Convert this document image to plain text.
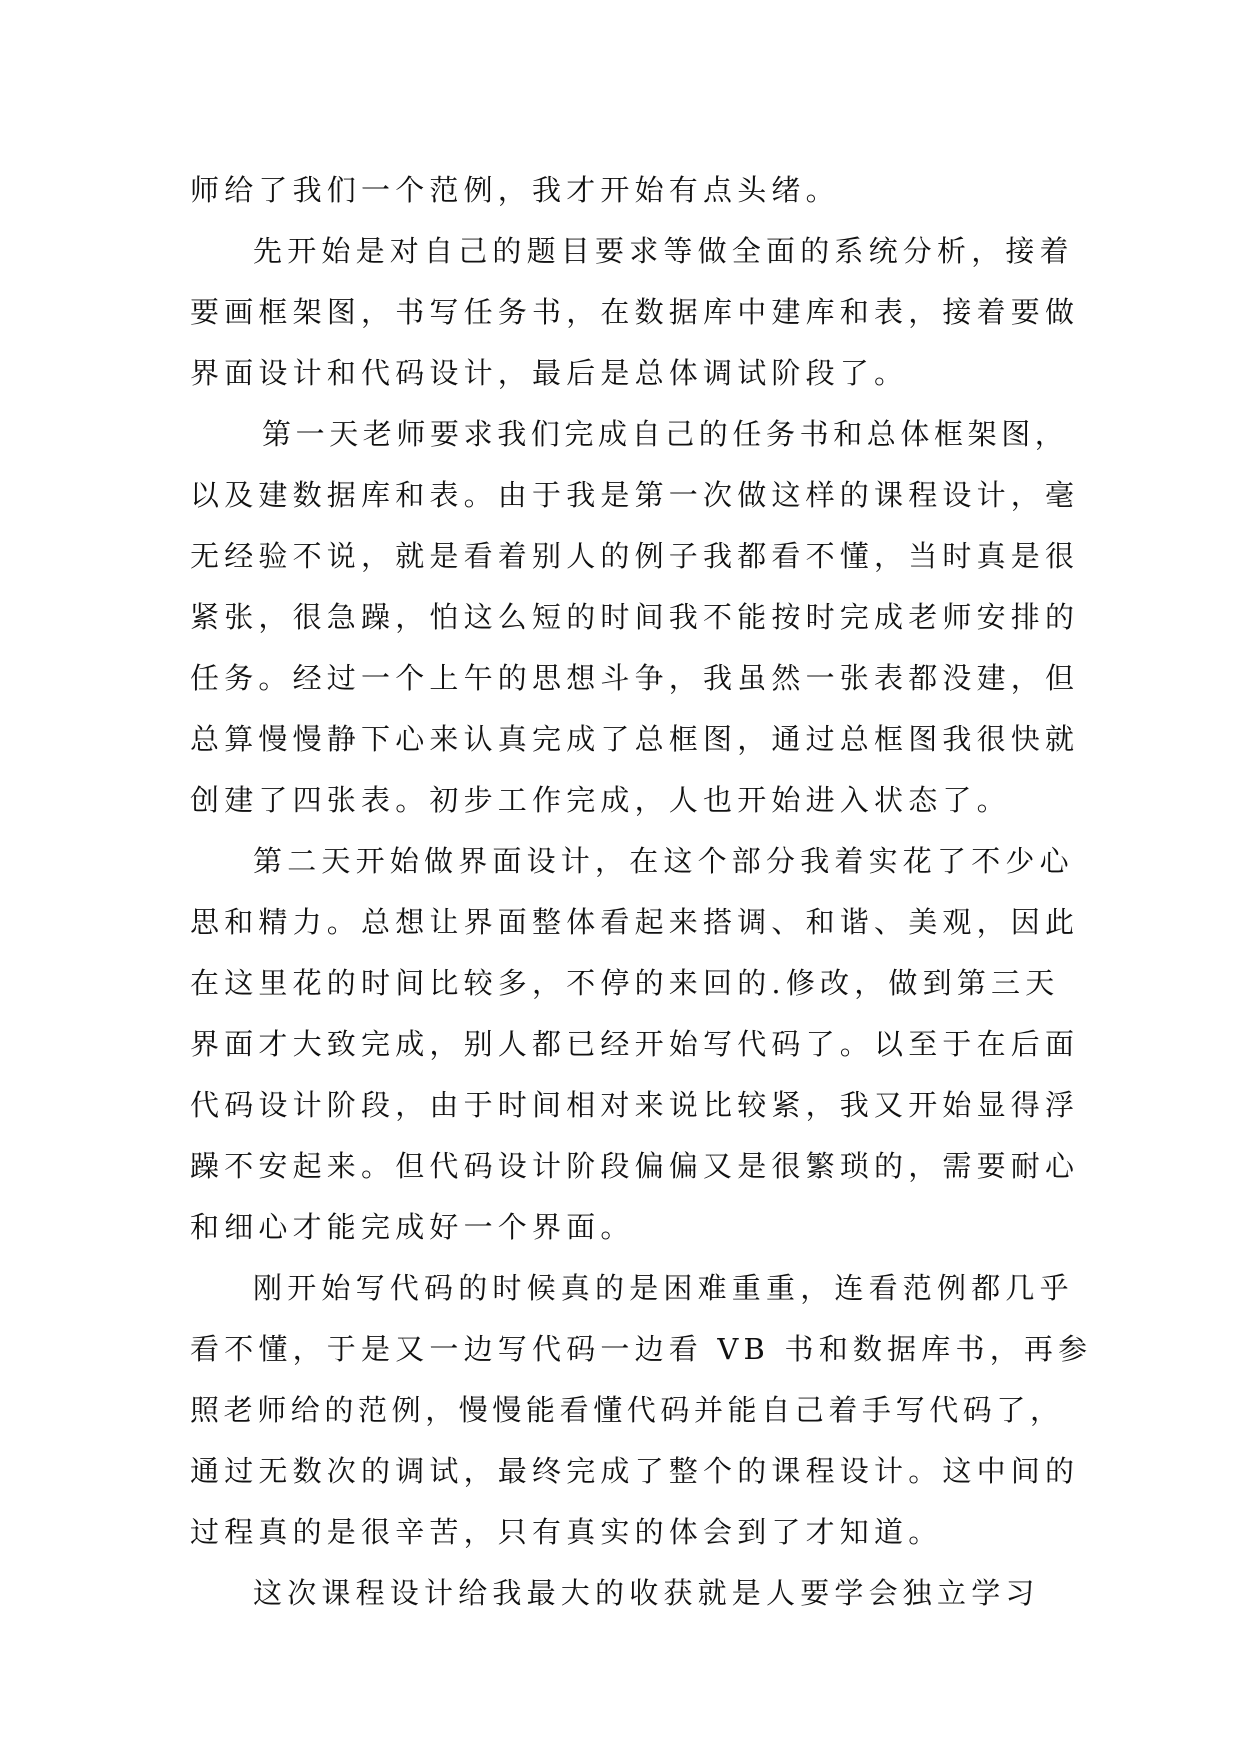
师给了我们一个范例，我才开始有点头绪。
先开始是对自己的题目要求等做全面的系统分析，接着
要画框架图，书写任务书，在数据库中建库和表，接着要做
界面设计和代码设计，最后是总体调试阶段了。
第一天老师要求我们完成自己的任务书和总体框架图，
以及建数据库和表。由于我是第一次做这样的课程设计，毫
无经验不说，就是看着别人的例子我都看不懂，当时真是很
紧张，很急躁，怕这么短的时间我不能按时完成老师安排的
任务。经过一个上午的思想斗争，我虽然一张表都没建，但
总算慢慢静下心来认真完成了总框图，通过总框图我很快就
创建了四张表。初步工作完成，人也开始进入状态了。
第二天开始做界面设计，在这个部分我着实花了不少心
思和精力。总想让界面整体看起来搭调、和谐、美观，因此
在这里花的时间比较多，不停的来回的.修改，做到第三天
界面才大致完成，别人都已经开始写代码了。以至于在后面
代码设计阶段，由于时间相对来说比较紧，我又开始显得浮
躁不安起来。但代码设计阶段偏偏又是很繁琐的，需要耐心
和细心才能完成好一个界面。
刚开始写代码的时候真的是困难重重，连看范例都几乎
看不懂，于是又一边写代码一边看 VB 书和数据库书，再参
照老师给的范例，慢慢能看懂代码并能自己着手写代码了，
通过无数次的调试，最终完成了整个的课程设计。这中间的
过程真的是很辛苦，只有真实的体会到了才知道。
这次课程设计给我最大的收获就是人要学会独立学习
